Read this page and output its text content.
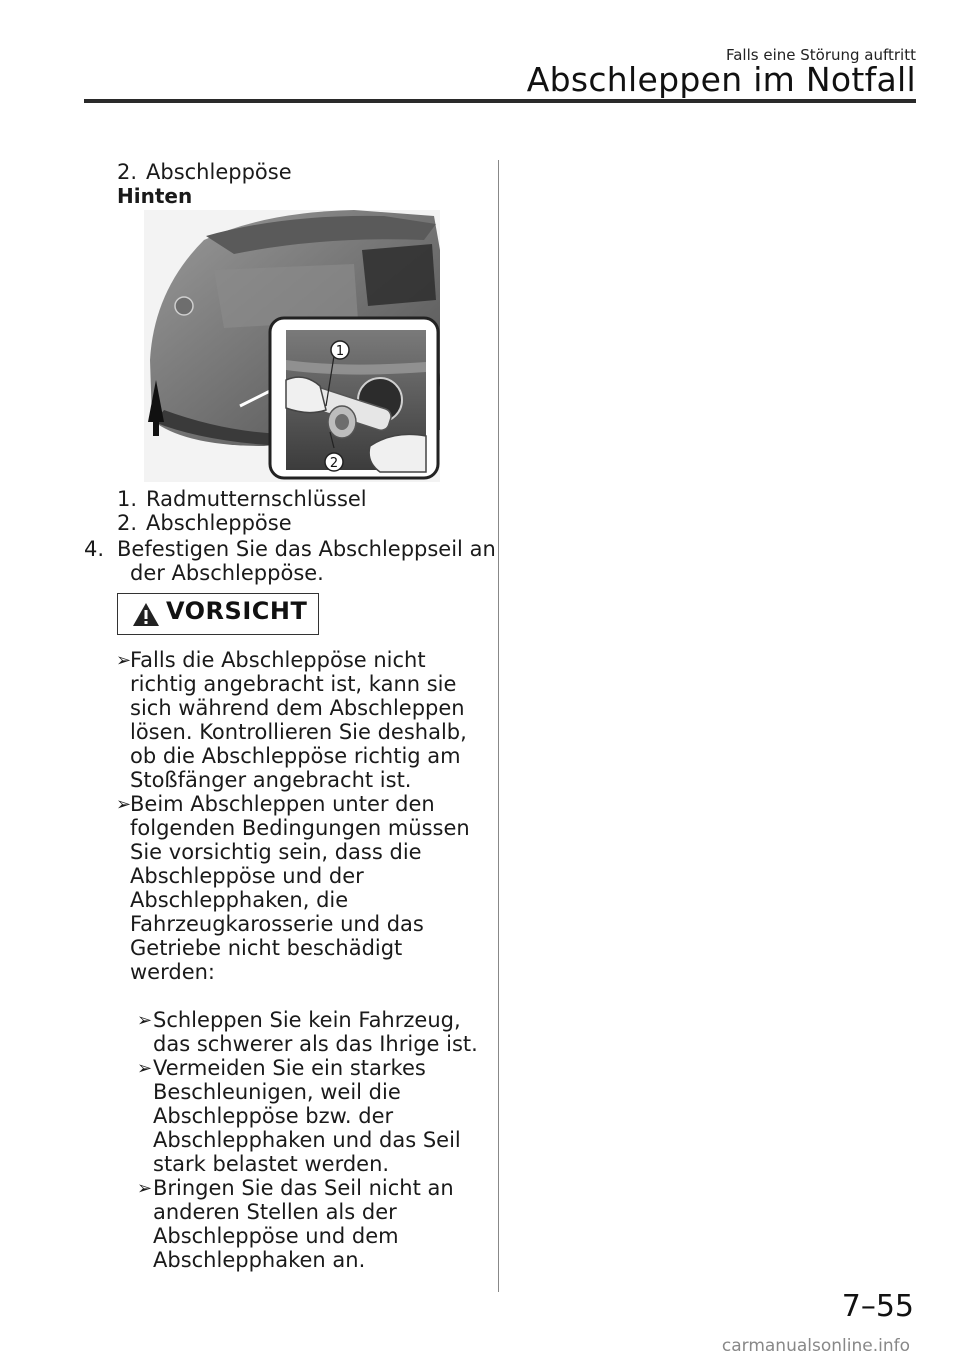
Falls eine Störung auftritt
Abschleppen im Notfall
2. Abschleppöse
Hinten
1
2
1. Radmutternschlüssel
2. Abschleppöse
4. Befestigen Sie das Abschleppseil an
der Abschleppöse.
VORSICHT
➢
Falls die Abschleppöse nicht
richtig angebracht ist, kann sie
sich während dem Abschleppen
lösen. Kontrollieren Sie deshalb,
ob die Abschleppöse richtig am
Stoßfänger angebracht ist.
➢
Beim Abschleppen unter den
folgenden Bedingungen müssen
Sie vorsichtig sein, dass die
Abschleppöse und der
Abschlepphaken, die
Fahrzeugkarosserie und das
Getriebe nicht beschädigt
werden:
➢ Schleppen Sie kein Fahrzeug,
das schwerer als das Ihrige ist.
➢ Vermeiden Sie ein starkes
Beschleunigen, weil die
Abschleppöse bzw. der
Abschlepphaken und das Seil
stark belastet werden.
➢ Bringen Sie das Seil nicht an
anderen Stellen als der
Abschleppöse und dem
Abschlepphaken an.
7–55
carmanualsonline.info
